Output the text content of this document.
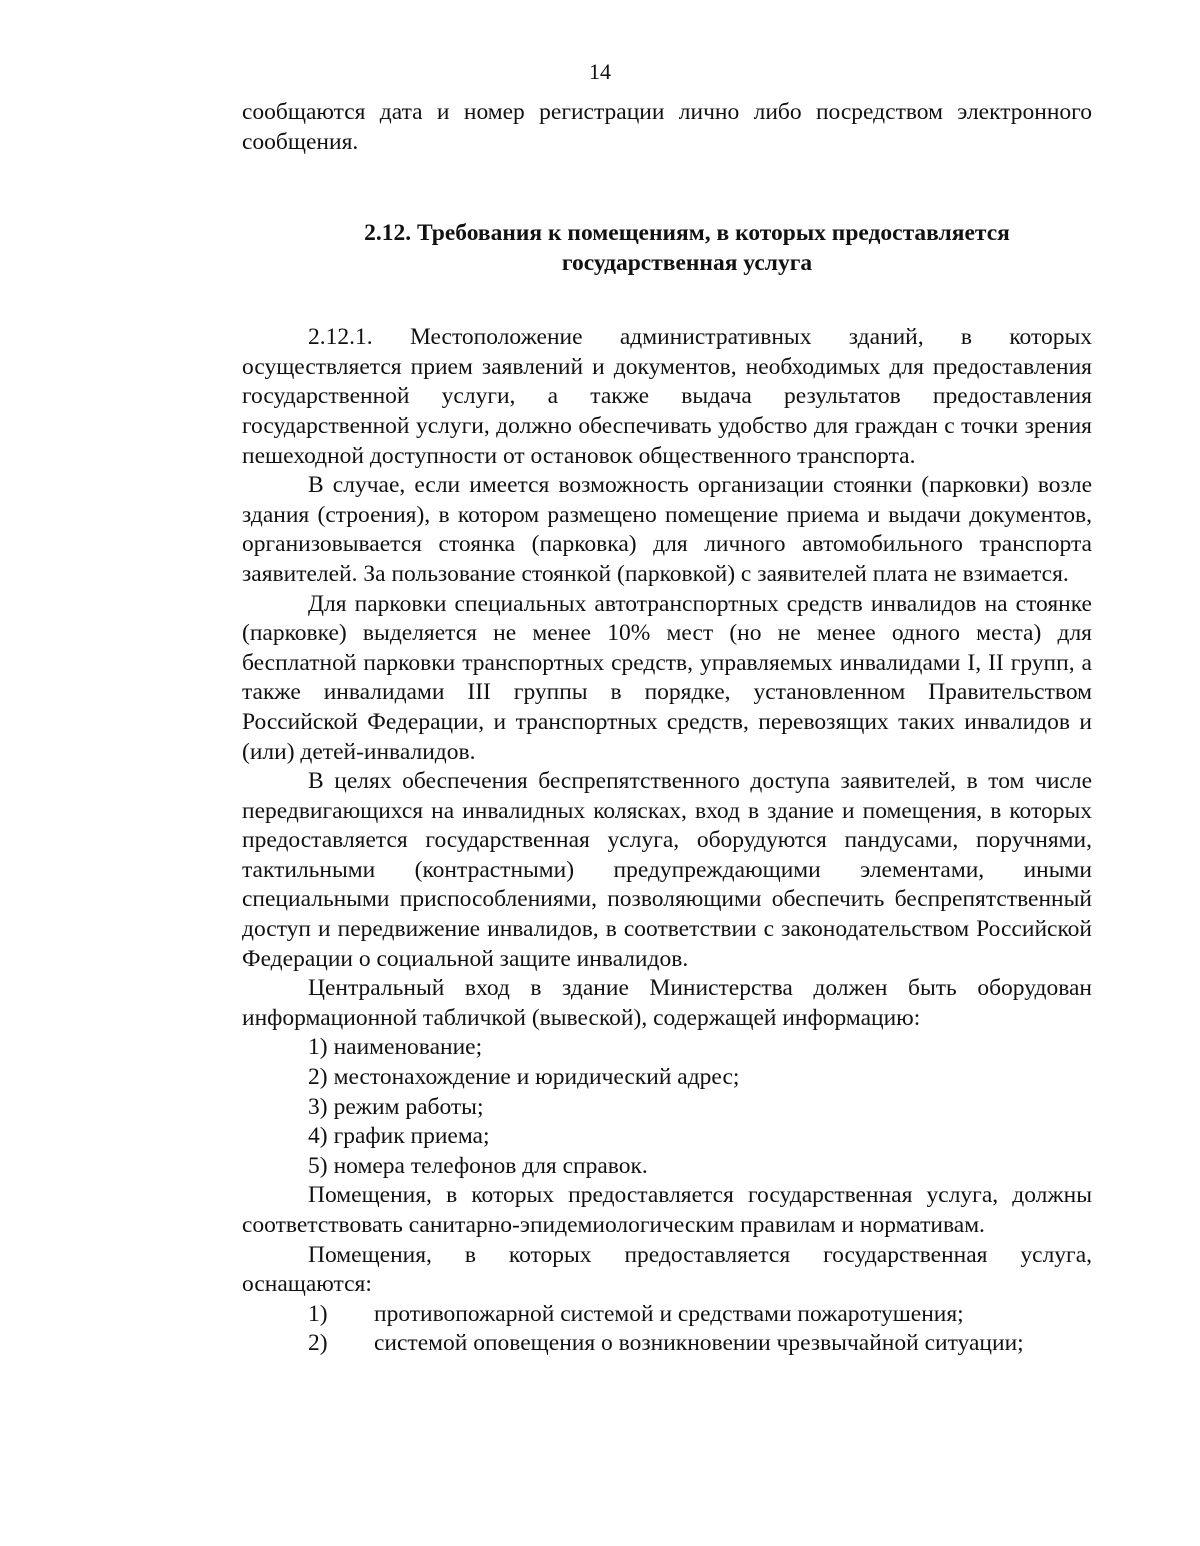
14

сообщаются дата и номер регистрации лично либо посредством электронного сообщения.

2.12. Требования к помещениям, в которых предоставляется
государственная услуга

2.12.1. Местоположение административных зданий, в которых осуществляется прием заявлений и документов, необходимых для предоставления государственной услуги, а также выдача результатов предоставления государственной услуги, должно обеспечивать удобство для граждан с точки зрения пешеходной доступности от остановок общественного транспорта.

В случае, если имеется возможность организации стоянки (парковки) возле здания (строения), в котором размещено помещение приема и выдачи документов, организовывается стоянка (парковка) для личного автомобильного транспорта заявителей. За пользование стоянкой (парковкой) с заявителей плата не взимается.

Для парковки специальных автотранспортных средств инвалидов на стоянке (парковке) выделяется не менее 10% мест (но не менее одного места) для бесплатной парковки транспортных средств, управляемых инвалидами I, II групп, а также инвалидами III группы в порядке, установленном Правительством Российской Федерации, и транспортных средств, перевозящих таких инвалидов и (или) детей-инвалидов.

В целях обеспечения беспрепятственного доступа заявителей, в том числе передвигающихся на инвалидных колясках, вход в здание и помещения, в которых предоставляется государственная услуга, оборудуются пандусами, поручнями, тактильными (контрастными) предупреждающими элементами, иными специальными приспособлениями, позволяющими обеспечить беспрепятственный доступ и передвижение инвалидов, в соответствии с законодательством Российской Федерации о социальной защите инвалидов.

Центральный вход в здание Министерства должен быть оборудован информационной табличкой (вывеской), содержащей информацию:

1) наименование;
2) местонахождение и юридический адрес;
3) режим работы;
4) график приема;
5) номера телефонов для справок.

Помещения, в которых предоставляется государственная услуга, должны соответствовать санитарно-эпидемиологическим правилам и нормативам.

Помещения, в которых предоставляется государственная услуга, оснащаются:

1) противопожарной системой и средствами пожаротушения;
2) системой оповещения о возникновении чрезвычайной ситуации;
